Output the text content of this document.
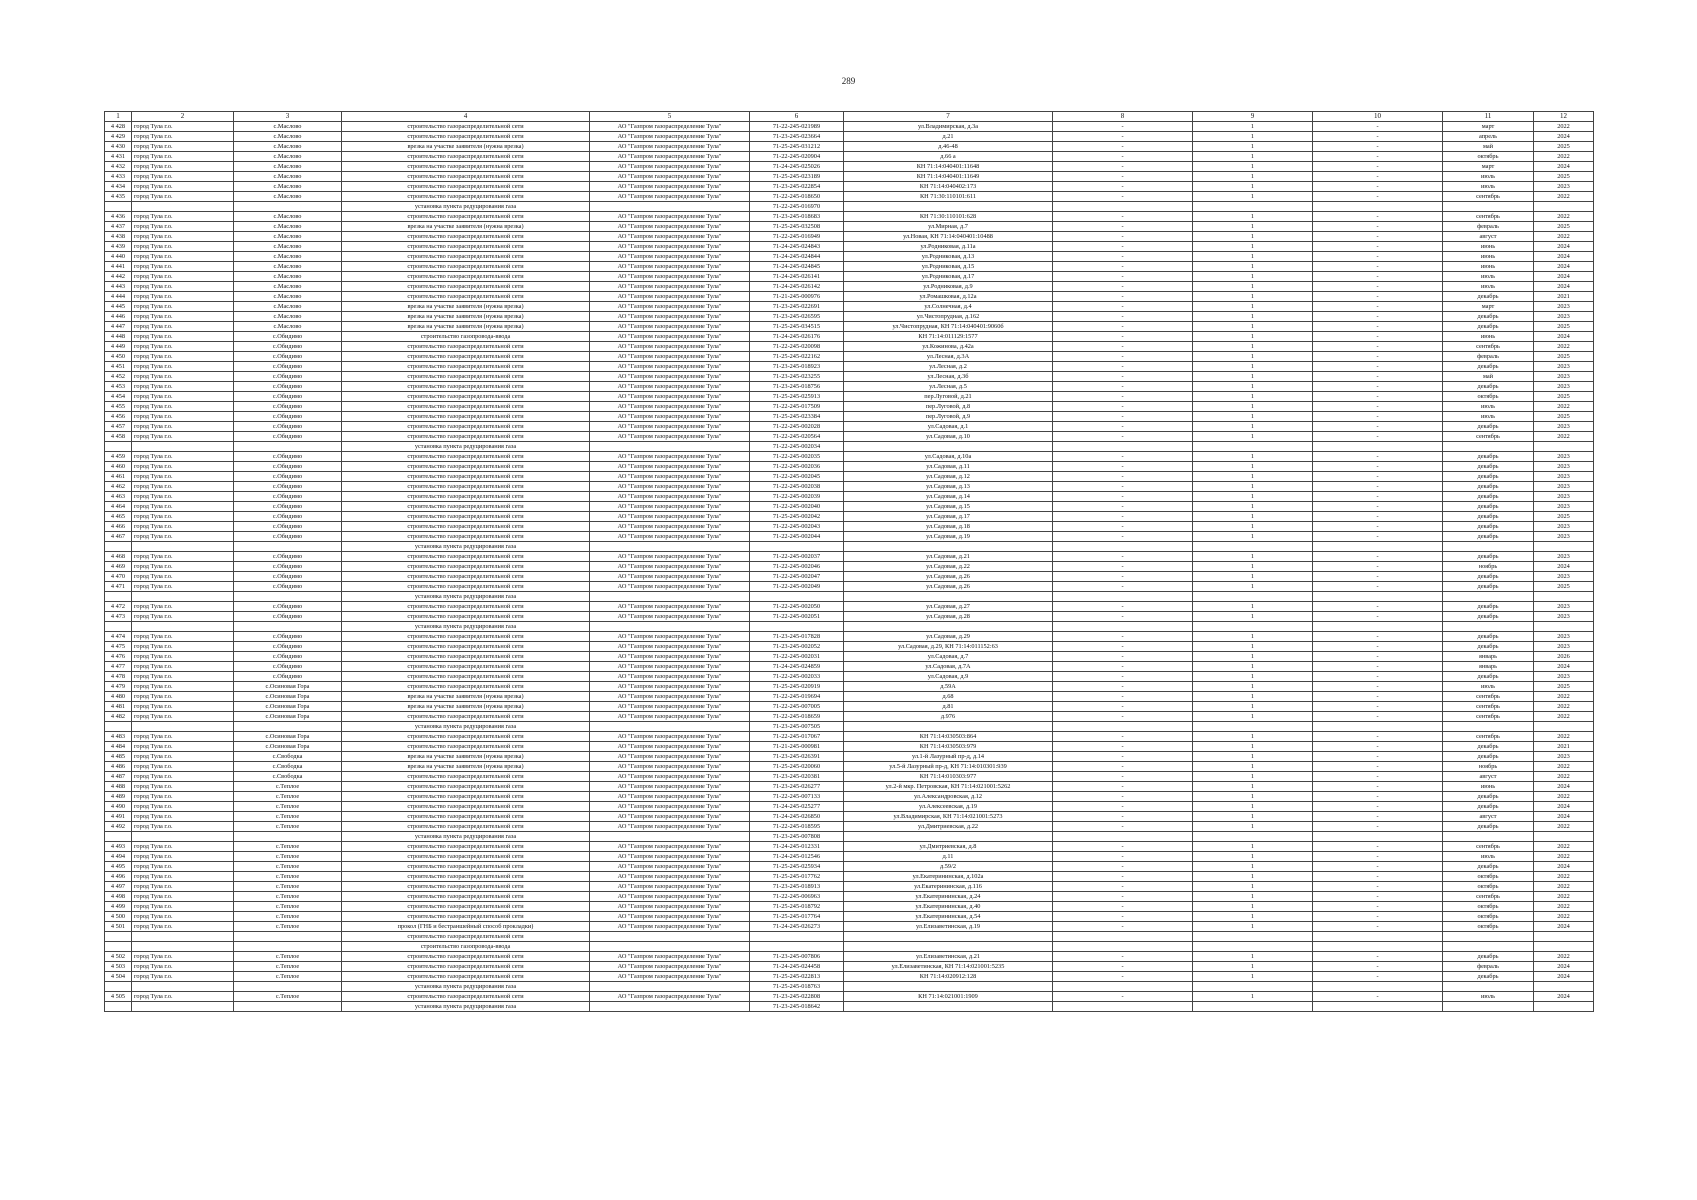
289
1	2	3	4	5	6	7	8	9	10	11	12
4 428	город Тула г.о.	с.Маслово	строительство газораспределительной сети	АО "Газпром газораспределение Тула"	71-22-245-021989	ул.Владимирская, д.3а	-	1	-	март	2022
4 429	город Тула г.о.	с.Маслово	строительство газораспределительной сети	АО "Газпром газораспределение Тула"	71-23-245-023664	д.21	-	1	-	апрель	2024
4 430	город Тула г.о.	с.Маслово	врезка на участке заявителя (нужна врезка)	АО "Газпром газораспределение Тула"	71-25-245-031212	д.46-48	-	1	-	май	2025
4 431	город Тула г.о.	с.Маслово	строительство газораспределительной сети	АО "Газпром газораспределение Тула"	71-22-245-020904	д.66 а	-	1	-	октябрь	2022
4 432	город Тула г.о.	с.Маслово	строительство газораспределительной сети	АО "Газпром газораспределение Тула"	71-24-245-025026	КН 71:14:040401:11648	-	1	-	март	2024
4 433	город Тула г.о.	с.Маслово	строительство газораспределительной сети	АО "Газпром газораспределение Тула"	71-25-245-023189	КН 71:14:040401:11649	-	1	-	июль	2025
4 434	город Тула г.о.	с.Маслово	строительство газораспределительной сети	АО "Газпром газораспределение Тула"	71-23-245-022854	КН 71:14:040402:173	-	1	-	июль	2023
4 435	город Тула г.о.	с.Маслово	строительство газораспределительной сети	АО "Газпром газораспределение Тула"	71-22-245-018650	КН 71:30:110101:611	-	1	-	сентябрь	2022
			установка пункта редуцирования газа		71-22-245-016970						
4 436	город Тула г.о.	с.Маслово	строительство газораспределительной сети	АО "Газпром газораспределение Тула"	71-23-245-018683	КН 71:30:110101:628	-	1	-	сентябрь	2022
4 437	город Тула г.о.	с.Маслово	врезка на участке заявителя (нужна врезка)	АО "Газпром газораспределение Тула"	71-25-245-032508	ул.Мирная, д.7	-	1	-	февраль	2025
4 438	город Тула г.о.	с.Маслово	строительство газораспределительной сети	АО "Газпром газораспределение Тула"	71-22-245-016949	ул.Новая, КН 71:14:040401:10488	-	1	-	август	2022
4 439	город Тула г.о.	с.Маслово	строительство газораспределительной сети	АО "Газпром газораспределение Тула"	71-24-245-024843	ул.Родниковая, д.11а	-	1	-	июнь	2024
4 440	город Тула г.о.	с.Маслово	строительство газораспределительной сети	АО "Газпром газораспределение Тула"	71-24-245-024844	ул.Родниковая, д.13	-	1	-	июнь	2024
4 441	город Тула г.о.	с.Маслово	строительство газораспределительной сети	АО "Газпром газораспределение Тула"	71-24-245-024845	ул.Родниковая, д.15	-	1	-	июнь	2024
4 442	город Тула г.о.	с.Маслово	строительство газораспределительной сети	АО "Газпром газораспределение Тула"	71-24-245-026141	ул.Родниковая, д.17	-	1	-	июль	2024
4 443	город Тула г.о.	с.Маслово	строительство газораспределительной сети	АО "Газпром газораспределение Тула"	71-24-245-026142	ул.Родниковая, д.9	-	1	-	июль	2024
4 444	город Тула г.о.	с.Маслово	строительство газораспределительной сети	АО "Газпром газораспределение Тула"	71-21-245-000976	ул.Ромашковая, д.12а	-	1	-	декабрь	2021
4 445	город Тула г.о.	с.Маслово	врезка на участке заявителя (нужна врезка)	АО "Газпром газораспределение Тула"	71-23-245-022691	ул.Солнечная, д.4	-	1	-	март	2023
4 446	город Тула г.о.	с.Маслово	врезка на участке заявителя (нужна врезка)	АО "Газпром газораспределение Тула"	71-23-245-026595	ул.Чистопрудная, д.162	-	1	-	декабрь	2023
4 447	город Тула г.о.	с.Маслово	врезка на участке заявителя (нужна врезка)	АО "Газпром газораспределение Тула"	71-25-245-034515	ул.Чистопрудная, КН 71:14:040401:9060б	-	1	-	декабрь	2025
4 448	город Тула г.о.	с.Обидимо	строительство газопровода-ввода	АО "Газпром газораспределение Тула"	71-24-245-026176	КН 71:14:011129:1577	-	1	-	июнь	2024
4 449	город Тула г.о.	с.Обидимо	строительство газораспределительной сети	АО "Газпром газораспределение Тула"	71-22-245-020098	ул.Кожинова, д.42а	-	1	-	сентябрь	2022
4 450	город Тула г.о.	с.Обидимо	строительство газораспределительной сети	АО "Газпром газораспределение Тула"	71-25-245-022162	ул.Лесная, д.3А	-	1	-	февраль	2025
4 451	город Тула г.о.	с.Обидимо	строительство газораспределительной сети	АО "Газпром газораспределение Тула"	71-23-245-018923	ул.Лесная, д.2	-	1	-	декабрь	2023
4 452	город Тула г.о.	с.Обидимо	строительство газораспределительной сети	АО "Газпром газораспределение Тула"	71-23-245-023255	ул.Лесная, д.3б	-	1	-	май	2023
4 453	город Тула г.о.	с.Обидимо	строительство газораспределительной сети	АО "Газпром газораспределение Тула"	71-23-245-018756	ул.Лесная, д.5	-	1	-	декабрь	2023
4 454	город Тула г.о.	с.Обидимо	строительство газораспределительной сети	АО "Газпром газораспределение Тула"	71-25-245-025913	пер.Луговой, д.21	-	1	-	октябрь	2025
4 455	город Тула г.о.	с.Обидимо	строительство газораспределительной сети	АО "Газпром газораспределение Тула"	71-22-245-017509	пер.Луговой, д.8	-	1	-	июль	2022
4 456	город Тула г.о.	с.Обидимо	строительство газораспределительной сети	АО "Газпром газораспределение Тула"	71-25-245-023384	пер.Луговой, д.9	-	1	-	июль	2025
4 457	город Тула г.о.	с.Обидимо	строительство газораспределительной сети	АО "Газпром газораспределение Тула"	71-22-245-002028	ул.Садовая, д.1	-	1	-	декабрь	2023
4 458	город Тула г.о.	с.Обидимо	строительство газораспределительной сети	АО "Газпром газораспределение Тула"	71-22-245-020564	ул.Садовая, д.10	-	1	-	сентябрь	2022
			установка пункта редуцирования газа		71-22-245-002034						
4 459	город Тула г.о.	с.Обидимо	строительство газораспределительной сети	АО "Газпром газораспределение Тула"	71-22-245-002035	ул.Садовая, д.10а	-	1	-	декабрь	2023
4 460	город Тула г.о.	с.Обидимо	строительство газораспределительной сети	АО "Газпром газораспределение Тула"	71-22-245-002036	ул.Садовая, д.11	-	1	-	декабрь	2023
4 461	город Тула г.о.	с.Обидимо	строительство газораспределительной сети	АО "Газпром газораспределение Тула"	71-22-245-002045	ул.Садовая, д.12	-	1	-	декабрь	2023
4 462	город Тула г.о.	с.Обидимо	строительство газораспределительной сети	АО "Газпром газораспределение Тула"	71-22-245-002038	ул.Садовая, д.13	-	1	-	декабрь	2023
4 463	город Тула г.о.	с.Обидимо	строительство газораспределительной сети	АО "Газпром газораспределение Тула"	71-22-245-002039	ул.Садовая, д.14	-	1	-	декабрь	2023
4 464	город Тула г.о.	с.Обидимо	строительство газораспределительной сети	АО "Газпром газораспределение Тула"	71-22-245-002040	ул.Садовая, д.15	-	1	-	декабрь	2023
4 465	город Тула г.о.	с.Обидимо	строительство газораспределительной сети	АО "Газпром газораспределение Тула"	71-25-245-002042	ул.Садовая, д.17	-	1	-	декабрь	2025
4 466	город Тула г.о.	с.Обидимо	строительство газораспределительной сети	АО "Газпром газораспределение Тула"	71-22-245-002043	ул.Садовая, д.18	-	1	-	декабрь	2023
4 467	город Тула г.о.	с.Обидимо	строительство газораспределительной сети	АО "Газпром газораспределение Тула"	71-22-245-002044	ул.Садовая, д.19	-	1	-	декабрь	2023
			установка пункта редуцирования газа								
4 468	город Тула г.о.	с.Обидимо	строительство газораспределительной сети	АО "Газпром газораспределение Тула"	71-22-245-002037	ул.Садовая, д.21	-	1	-	декабрь	2023
4 469	город Тула г.о.	с.Обидимо	строительство газораспределительной сети	АО "Газпром газораспределение Тула"	71-22-245-002046	ул.Садовая, д.22	-	1	-	ноябрь	2024
4 470	город Тула г.о.	с.Обидимо	строительство газораспределительной сети	АО "Газпром газораспределение Тула"	71-22-245-002047	ул.Садовая, д.26	-	1	-	декабрь	2023
4 471	город Тула г.о.	с.Обидимо	строительство газораспределительной сети	АО "Газпром газораспределение Тула"	71-22-245-002049	ул.Садовая, д.26	-	1	-	декабрь	2025
			установка пункта редуцирования газа								
4 472	город Тула г.о.	с.Обидимо	строительство газораспределительной сети	АО "Газпром газораспределение Тула"	71-22-245-002050	ул.Садовая, д.27	-	1	-	декабрь	2023
4 473	город Тула г.о.	с.Обидимо	строительство газораспределительной сети	АО "Газпром газораспределение Тула"	71-22-245-002051	ул.Садовая, д.28	-	1	-	декабрь	2023
			установка пункта редуцирования газа								
4 474	город Тула г.о.	с.Обидимо	строительство газораспределительной сети	АО "Газпром газораспределение Тула"	71-23-245-017828	ул.Садовая, д.29	-	1	-	декабрь	2023
4 475	город Тула г.о.	с.Обидимо	строительство газораспределительной сети	АО "Газпром газораспределение Тула"	71-23-245-002052	ул.Садовая, д.29, КН 71:14:011152:63	-	1	-	декабрь	2023
4 476	город Тула г.о.	с.Обидимо	строительство газораспределительной сети	АО "Газпром газораспределение Тула"	71-22-245-002031	ул.Садовая, д.7	-	1	-	январь	2026
4 477	город Тула г.о.	с.Обидимо	строительство газораспределительной сети	АО "Газпром газораспределение Тула"	71-24-245-024859	ул.Садовая, д.7А	-	1	-	январь	2024
4 478	город Тула г.о.	с.Обидимо	строительство газораспределительной сети	АО "Газпром газораспределение Тула"	71-22-245-002033	ул.Садовая, д.9	-	1	-	декабрь	2023
4 479	город Тула г.о.	с.Осиновая Гора	строительство газораспределительной сети	АО "Газпром газораспределение Тула"	71-25-245-020919	д.59А	-	1	-	июль	2025
4 480	город Тула г.о.	с.Осиновая Гора	врезка на участке заявителя (нужна врезка)	АО "Газпром газораспределение Тула"	71-22-245-019694	д.68	-	1	-	сентябрь	2022
4 481	город Тула г.о.	с.Осиновая Гора	врезка на участке заявителя (нужна врезка)	АО "Газпром газораспределение Тула"	71-22-245-007005	д.81	-	1	-	сентябрь	2022
4 482	город Тула г.о.	с.Осиновая Гора	строительство газораспределительной сети	АО "Газпром газораспределение Тула"	71-22-245-018659	д.976	-	1	-	сентябрь	2022
			установка пункта редуцирования газа		71-23-245-007505						
4 483	город Тула г.о.	с.Осиновая Гора	строительство газораспределительной сети	АО "Газпром газораспределение Тула"	71-22-245-017067	КН 71:14:030503:864	-	1	-	сентябрь	2022
4 484	город Тула г.о.	с.Осиновая Гора	строительство газораспределительной сети	АО "Газпром газораспределение Тула"	71-21-245-000981	КН 71:14:030503:979	-	1	-	декабрь	2021
4 485	город Тула г.о.	с.Свободка	врезка на участке заявителя (нужна врезка)	АО "Газпром газораспределение Тула"	71-23-245-026391	ул.1-й Лазурный пр-д, д.14	-	1	-	декабрь	2023
4 486	город Тула г.о.	с.Свободка	врезка на участке заявителя (нужна врезка)	АО "Газпром газораспределение Тула"	71-25-245-020060	ул.5-й Лазурный пр-д, КН 71:14:010301:939	-	1	-	ноябрь	2022
4 487	город Тула г.о.	с.Свободка	строительство газораспределительной сети	АО "Газпром газораспределение Тула"	71-23-245-020381	КН 71:14:010303:977	-	1	-	август	2022
4 488	город Тула г.о.	с.Теплое	строительство газораспределительной сети	АО "Газпром газораспределение Тула"	71-23-245-026277	ул.2-й мкр. Петровская, КН 71:14:021001:5262	-	1	-	июнь	2024
4 489	город Тула г.о.	с.Теплое	строительство газораспределительной сети	АО "Газпром газораспределение Тула"	71-22-245-007133	ул.Александровская, д.12	-	1	-	декабрь	2022
4 490	город Тула г.о.	с.Теплое	строительство газораспределительной сети	АО "Газпром газораспределение Тула"	71-24-245-025277	ул.Алексеевская, д.19	-	1	-	декабрь	2024
4 491	город Тула г.о.	с.Теплое	строительство газораспределительной сети	АО "Газпром газораспределение Тула"	71-24-245-026850	ул.Владимирская, КН 71:14:021001:5273	-	1	-	август	2024
4 492	город Тула г.о.	с.Теплое	строительство газораспределительной сети	АО "Газпром газораспределение Тула"	71-22-245-018595	ул.Дмитриевская, д.22	-	1	-	декабрь	2022
			установка пункта редуцирования газа		71-23-245-007808						
4 493	город Тула г.о.	с.Теплое	строительство газораспределительной сети	АО "Газпром газораспределение Тула"	71-24-245-012331	ул.Дмитриевская, д.8	-	1	-	сентябрь	2022
4 494	город Тула г.о.	с.Теплое	строительство газораспределительной сети	АО "Газпром газораспределение Тула"	71-24-245-012546	д.11	-	1	-	июль	2022
4 495	город Тула г.о.	с.Теплое	строительство газораспределительной сети	АО "Газпром газораспределение Тула"	71-25-245-025934	д.59/2	-	1	-	декабрь	2024
4 496	город Тула г.о.	с.Теплое	строительство газораспределительной сети	АО "Газпром газораспределение Тула"	71-25-245-017762	ул.Екатерининская, д.102а	-	1	-	октябрь	2022
4 497	город Тула г.о.	с.Теплое	строительство газораспределительной сети	АО "Газпром газораспределение Тула"	71-23-245-018913	ул.Екатерининская, д.116	-	1	-	октябрь	2022
4 498	город Тула г.о.	с.Теплое	строительство газораспределительной сети	АО "Газпром газораспределение Тула"	71-22-245-006963	ул.Екатерининская, д.24	-	1	-	сентябрь	2022
4 499	город Тула г.о.	с.Теплое	строительство газораспределительной сети	АО "Газпром газораспределение Тула"	71-25-245-018792	ул.Екатерининская, д.40	-	1	-	октябрь	2022
4 500	город Тула г.о.	с.Теплое	строительство газораспределительной сети	АО "Газпром газораспределение Тула"	71-25-245-017764	ул.Екатерининская, д.54	-	1	-	октябрь	2022
4 501	город Тула г.о.	с.Теплое	прокол (ГНБ и бестраншейный способ прокладки)	АО "Газпром газораспределение Тула"	71-24-245-026273	ул.Елизаветинская, д.19	-	1	-	октябрь	2024
			строительство газораспределительной сети								
			строительство газопровода-ввода								
4 502	город Тула г.о.	с.Теплое	строительство газораспределительной сети	АО "Газпром газораспределение Тула"	71-23-245-007806	ул.Елизаветинская, д.21	-	1	-	декабрь	2022
4 503	город Тула г.о.	с.Теплое	строительство газораспределительной сети	АО "Газпром газораспределение Тула"	71-24-245-024458	ул.Елизаветинская, КН 71:14:021001:5235	-	1	-	февраль	2024
4 504	город Тула г.о.	с.Теплое	строительство газораспределительной сети	АО "Газпром газораспределение Тула"	71-25-245-022813	КН 71:14:020912:128	-	1	-	декабрь	2024
			установка пункта редуцирования газа		71-25-245-018763						
4 505	город Тула г.о.	с.Теплое	строительство газораспределительной сети	АО "Газпром газораспределение Тула"	71-23-245-022808	КН 71:14:021001:1909	-	1	-	июль	2024
			установка пункта редуцирования газа		71-23-245-018642						
